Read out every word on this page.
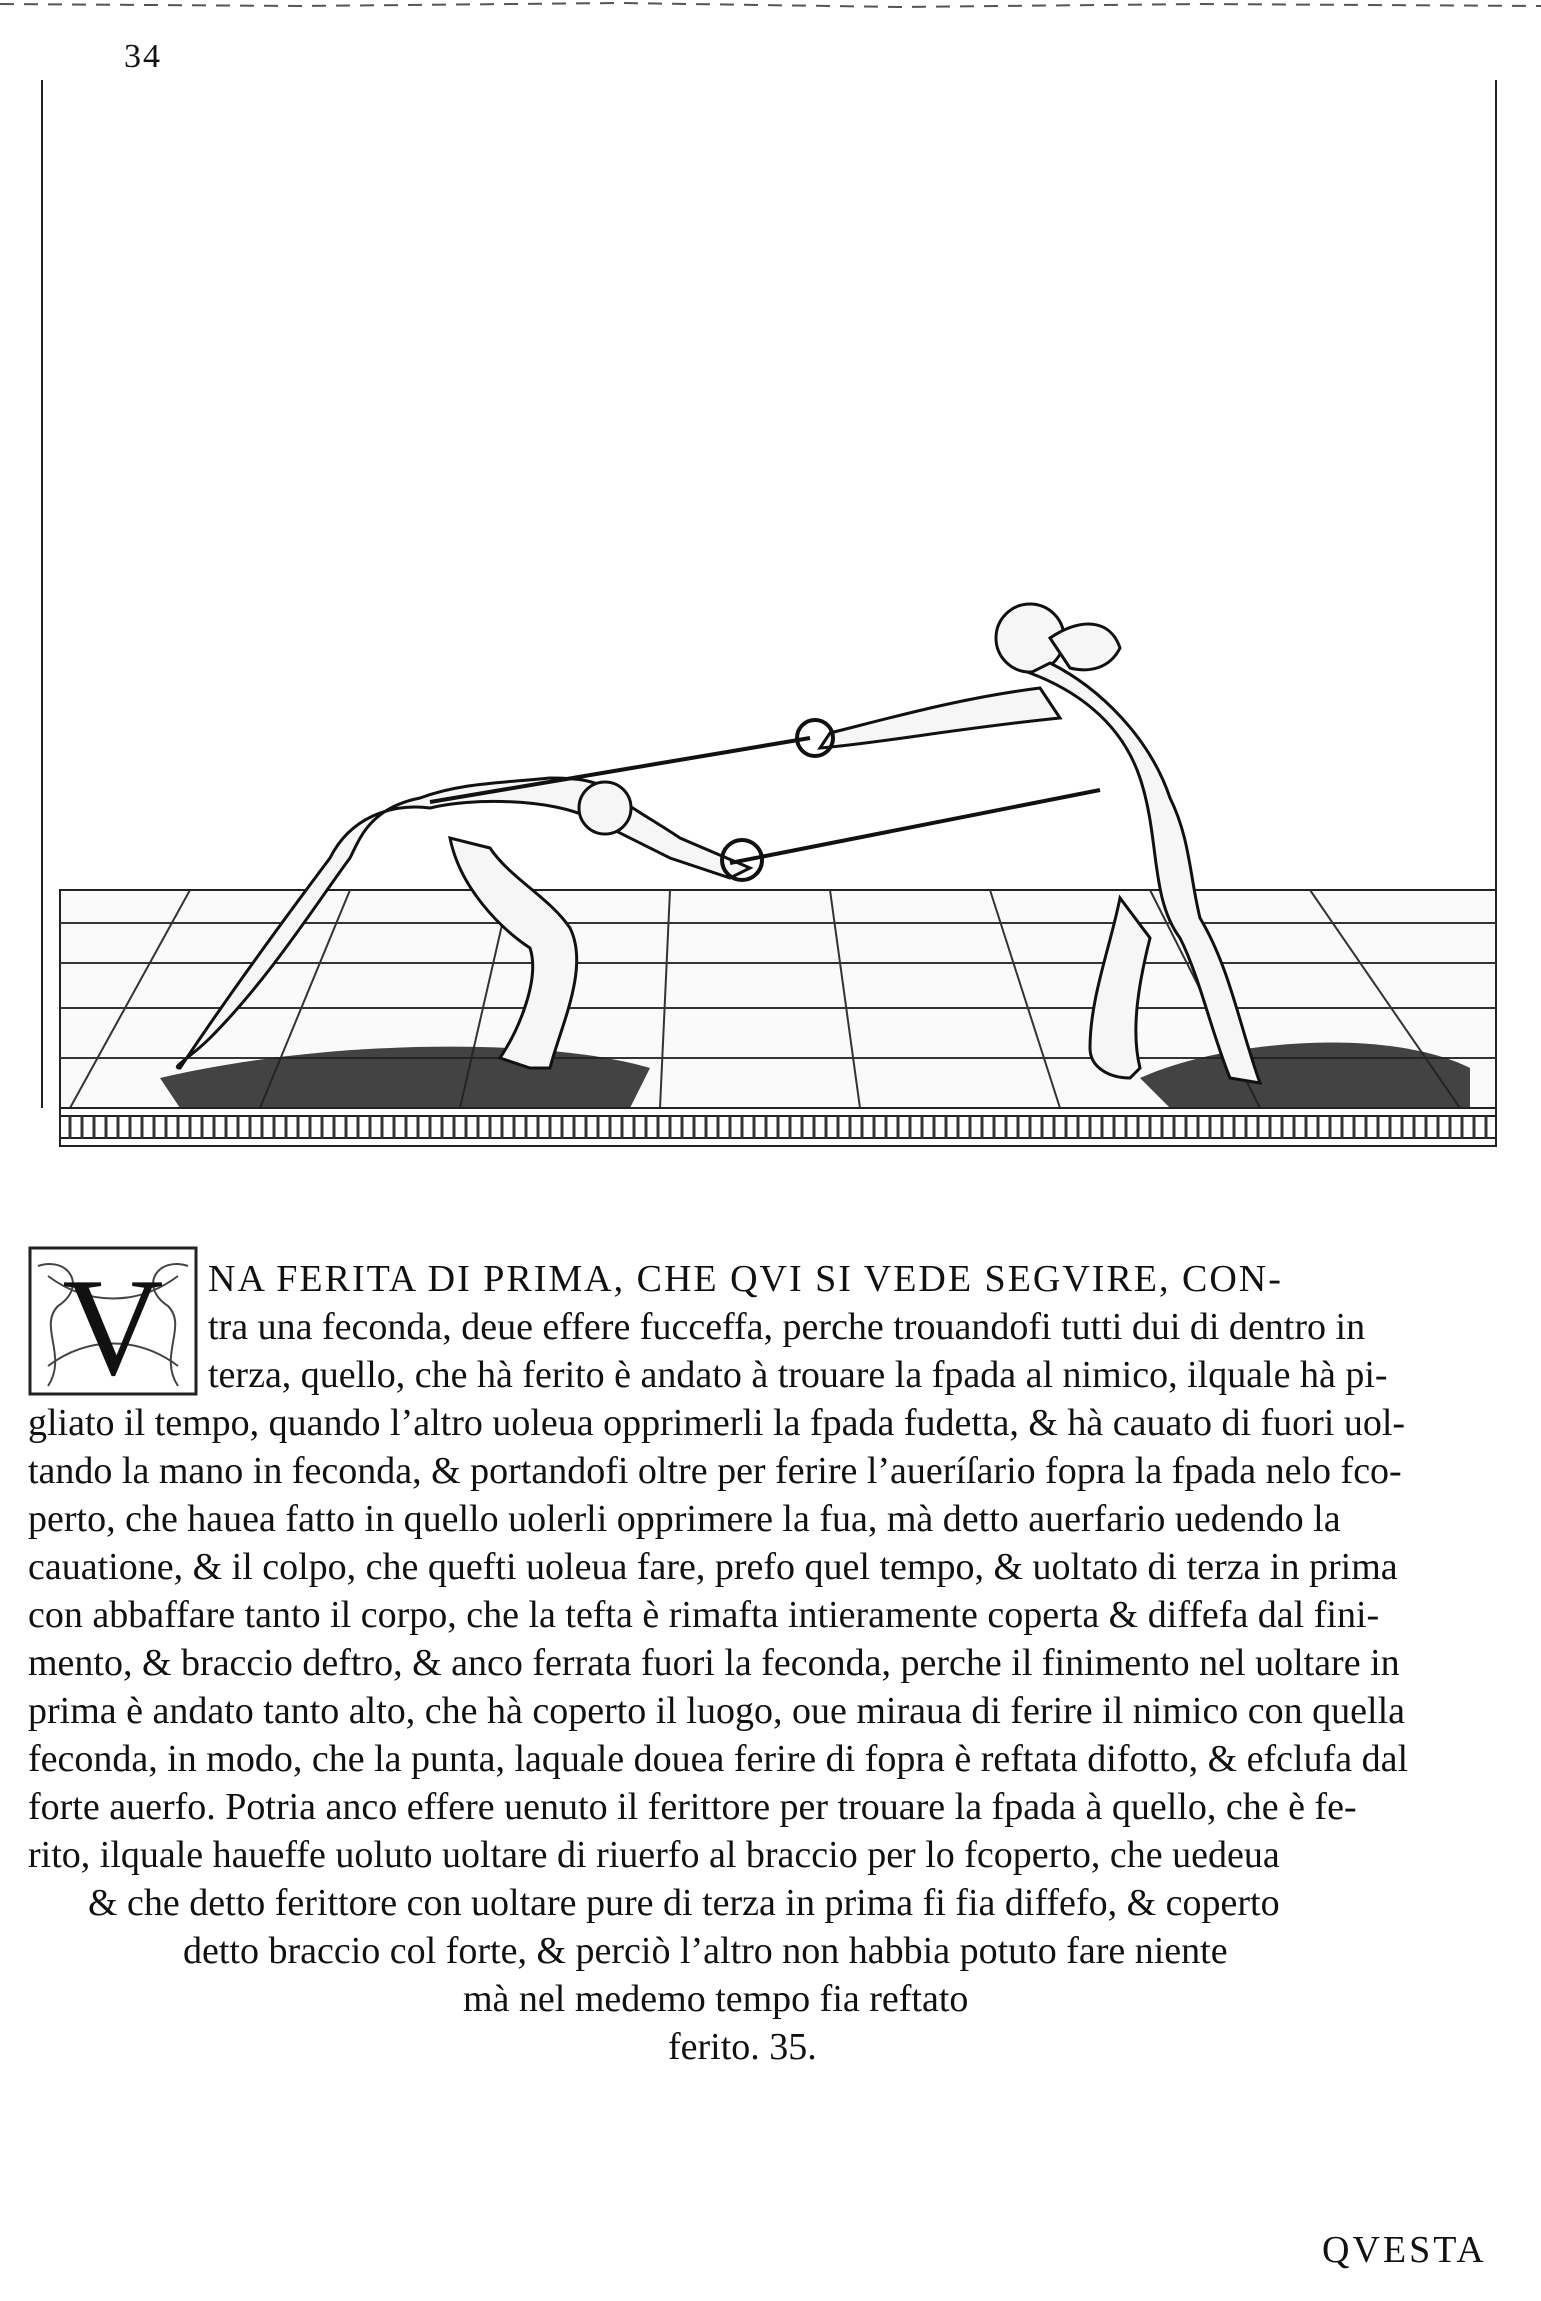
34
V NA FERITA DI PRIMA, CHE QVI SI VEDE SEGVIRE, CON-
tra una feconda, deue effere fucceffa, perche trouandofi tutti dui di dentro in
terza, quello, che hà ferito è andato à trouare la fpada al nimico, ilquale hà pi-
gliato il tempo, quando l’altro uoleua opprimerli la fpada fudetta, & hà cauato di fuori uol-
tando la mano in feconda, & portandofi oltre per ferire l’aueríſario fopra la fpada nelo fco-
perto, che hauea fatto in quello uolerli opprimere la fua, mà detto auerfario uedendo la
cauatione, & il colpo, che quefti uoleua fare, prefo quel tempo, & uoltato di terza in prima
con abbaffare tanto il corpo, che la tefta è rimafta intieramente coperta & diffefa dal fini-
mento, & braccio deftro, & anco ferrata fuori la feconda, perche il finimento nel uoltare in
prima è andato tanto alto, che hà coperto il luogo, oue miraua di ferire il nimico con quella
feconda, in modo, che la punta, laquale doueа ferire di fopra è reftata difotto, & efclufa dal
forte auerfo. Potria anco effere uenuto il ferittore per trouare la fpada à quello, che è fe-
rito, ilquale haueffe uoluto uoltare di riuerfo al braccio per lo fcoperto, che uedeua
& che detto ferittore con uoltare pure di terza in prima fi fia diffefo, & coperto
detto braccio col forte, & perciò l’altro non habbia potuto fare niente
mà nel medemo tempo fia reftato
ferito. 35.
QVESTA
